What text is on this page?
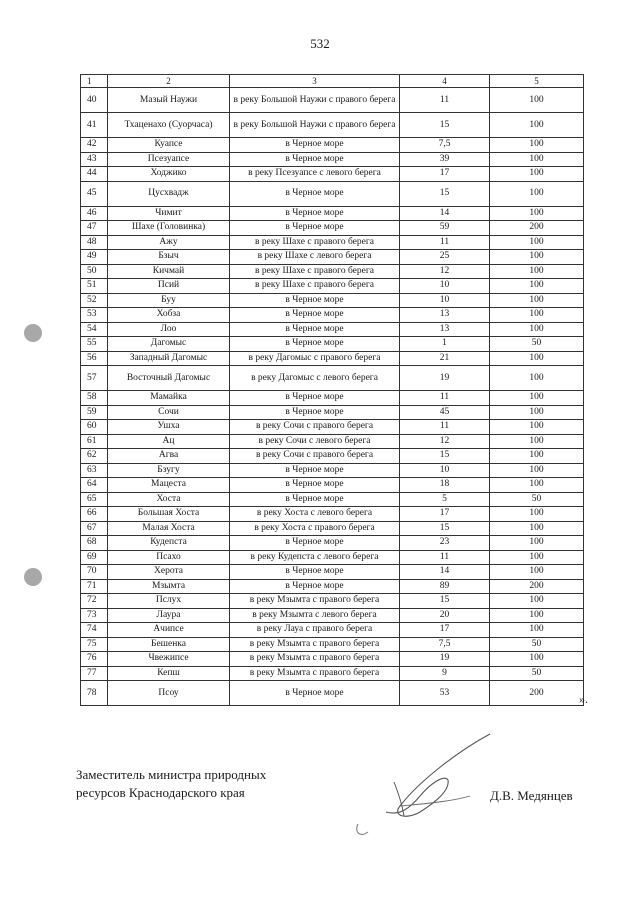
532
1	2	3	4	5
40	Мазый Наужи	в реку Большой Наужи с правого берега	11	100
41	Тхаценахо (Суорчаса)	в реку Большой Наужи с правого берега	15	100
42	Куапсе	в Черное море	7,5	100
43	Псезуапсе	в Черное море	39	100
44	Ходжико	в реку Псезуапсе с левого берега	17	100
45	Цусхвадж	в Черное море	15	100
46	Чимит	в Черное море	14	100
47	Шахе (Головинка)	в Черное море	59	200
48	Ажу	в реку Шахе с правого берега	11	100
49	Бзыч	в реку Шахе с левого берега	25	100
50	Кичмай	в реку Шахе с правого берега	12	100
51	Псий	в реку Шахе с правого берега	10	100
52	Буу	в Черное море	10	100
53	Хобза	в Черное море	13	100
54	Лоо	в Черное море	13	100
55	Дагомыс	в Черное море	1	50
56	Западный Дагомыс	в реку Дагомыс с правого берега	21	100
57	Восточный Дагомыс	в реку Дагомыс с левого берега	19	100
58	Мамайка	в Черное море	11	100
59	Сочи	в Черное море	45	100
60	Ушха	в реку Сочи с правого берега	11	100
61	Ац	в реку Сочи с левого берега	12	100
62	Агва	в реку Сочи с правого берега	15	100
63	Бзугу	в Черное море	10	100
64	Мацеста	в Черное море	18	100
65	Хоста	в Черное море	5	50
66	Большая Хоста	в реку Хоста с левого берега	17	100
67	Малая Хоста	в реку Хоста с правого берега	15	100
68	Кудепста	в Черное море	23	100
69	Псахо	в реку Кудепста с левого берега	11	100
70	Херота	в Черное море	14	100
71	Мзымта	в Черное море	89	200
72	Пслух	в реку Мзымта с правого берега	15	100
73	Лаура	в реку Мзымта с левого берега	20	100
74	Ачипсе	в реку Лауа с правого берега	17	100
75	Бешенка	в реку Мзымта с правого берега	7,5	50
76	Чвежипсе	в реку Мзымта с правого берега	19	100
77	Кепш	в реку Мзымта с правого берега	9	50
78	Псоу	в Черное море	53	200	».
Заместитель министра природных
ресурсов Краснодарского края	Д.В. Медянцев
